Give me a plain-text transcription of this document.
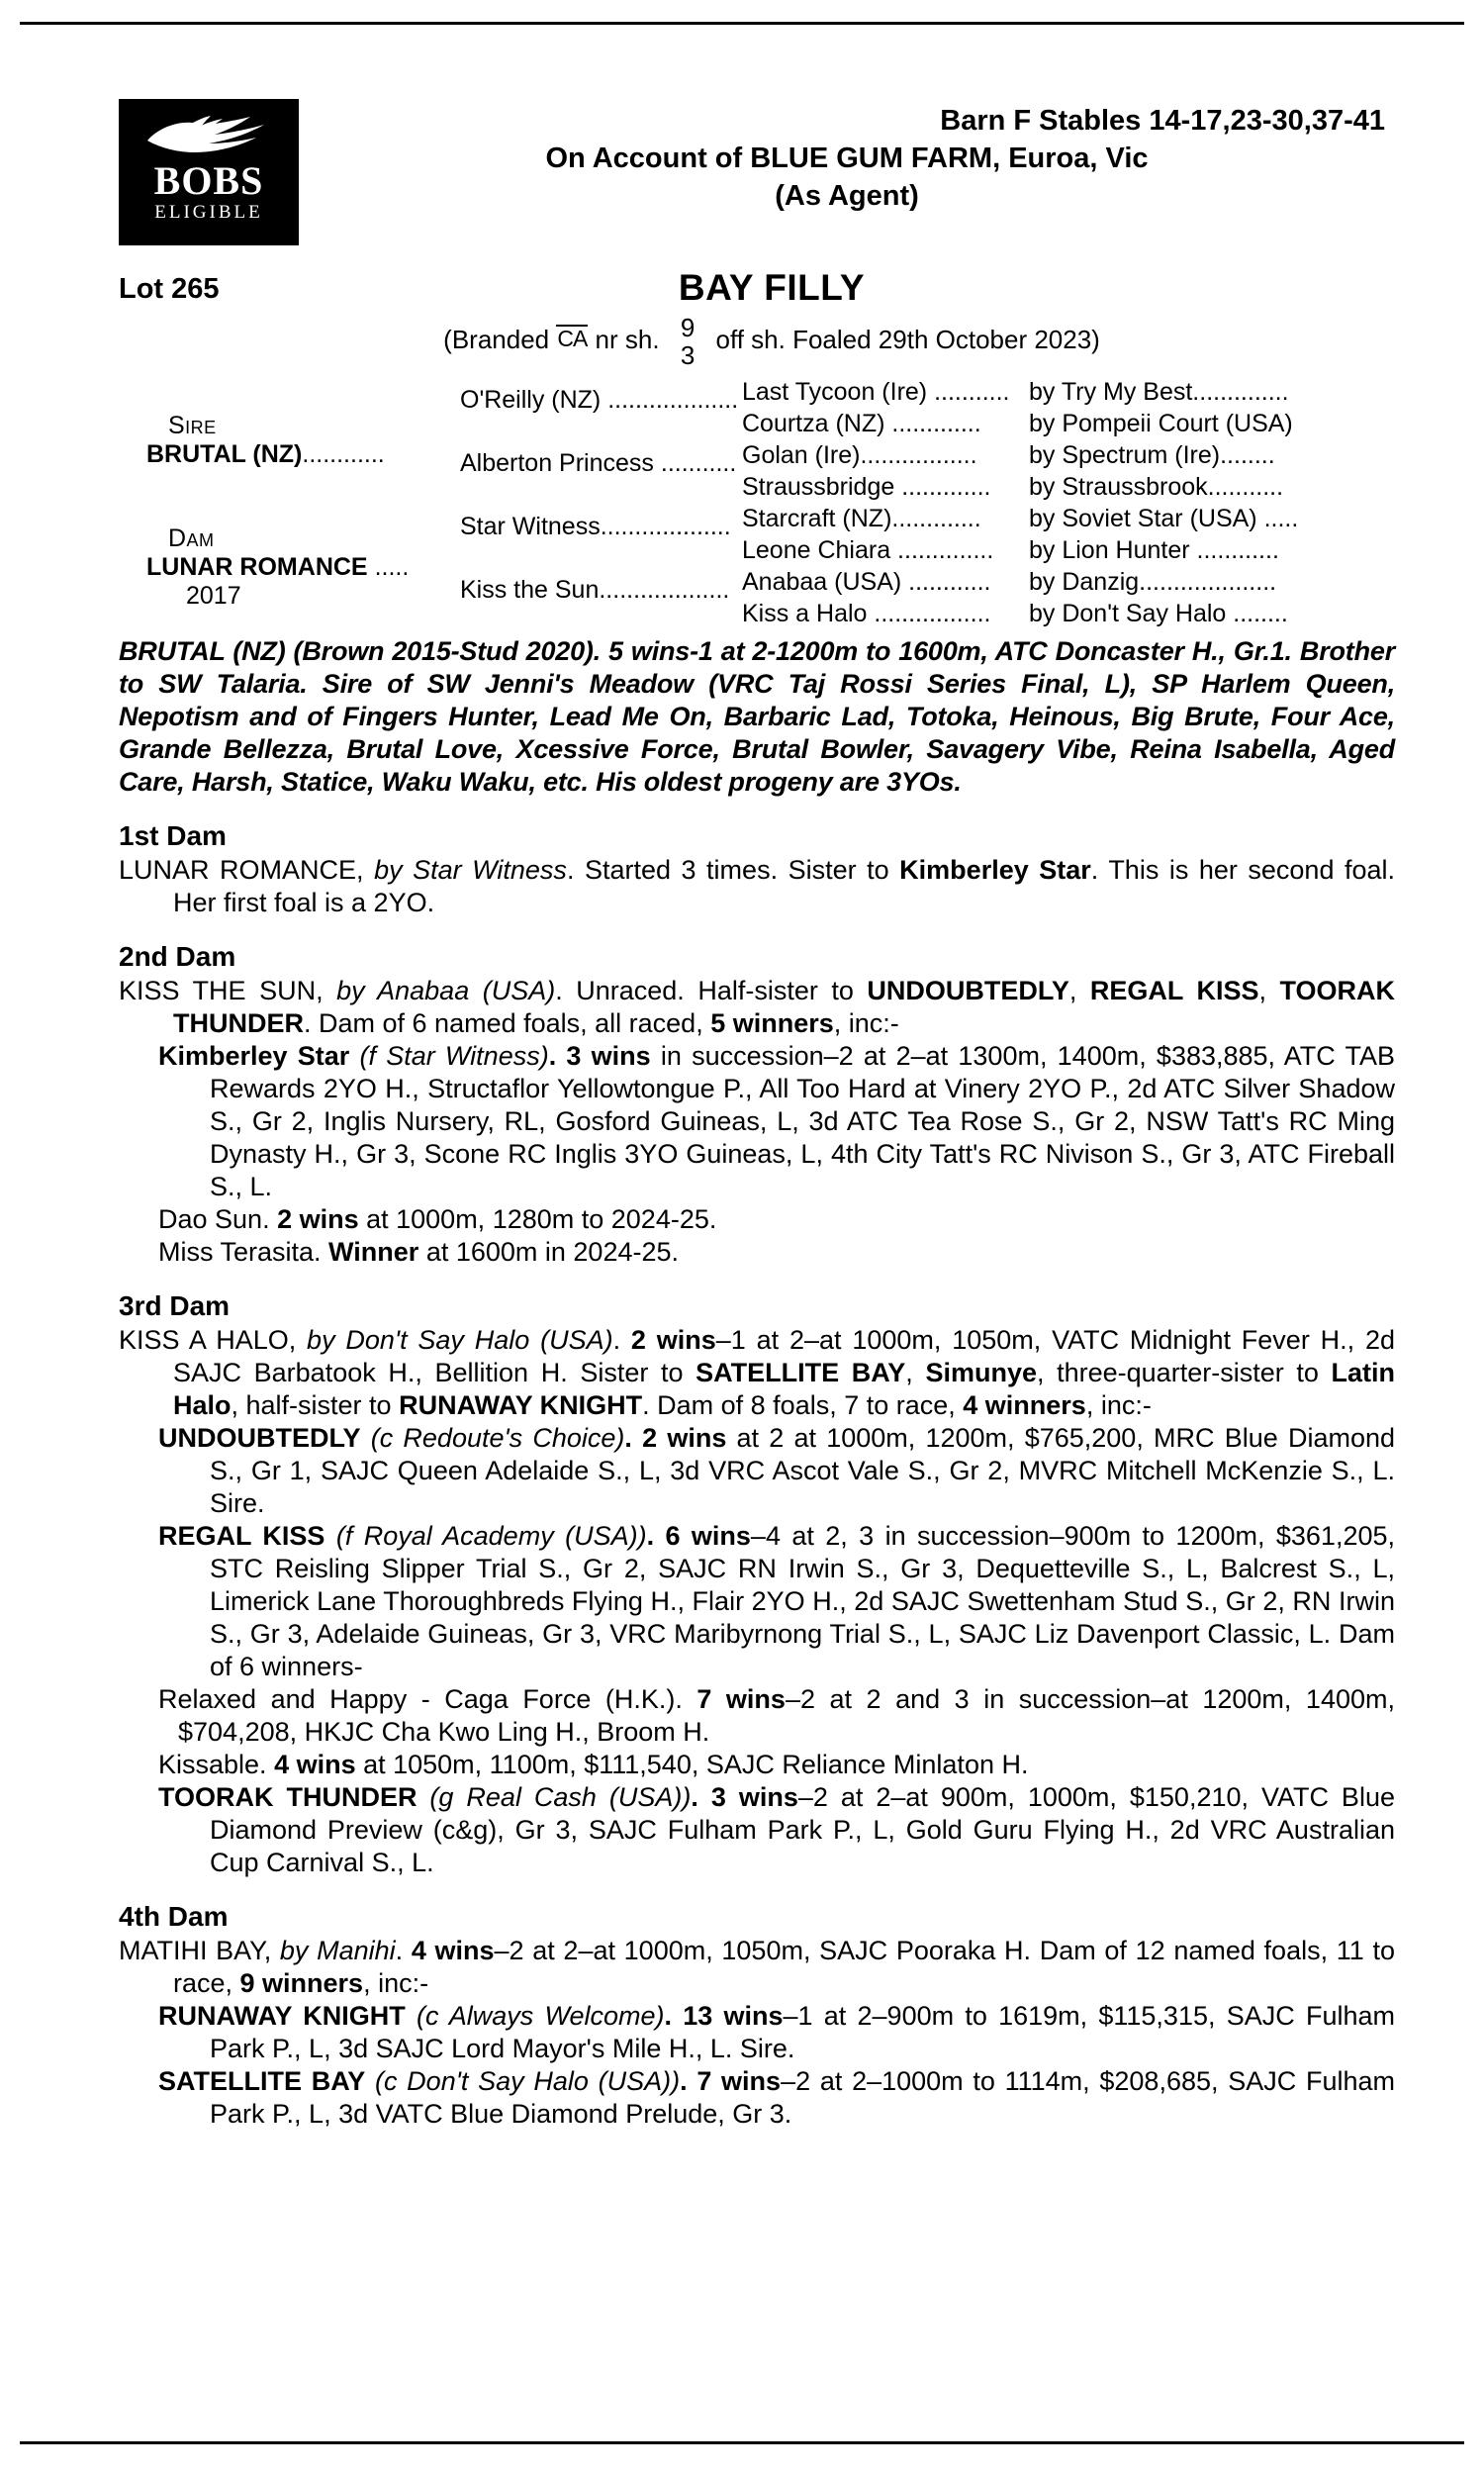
BOBS
ELIGIBLE
Barn F Stables 14-17,23-30,37-41
On Account of BLUE GUM FARM, Euroa, Vic
(As Agent)
Lot 265	BAY FILLY
(Branded CA nr sh. 9
3
off sh. Foaled 29th October 2023)
Sire
BRUTAL (NZ)............
Dam
LUNAR ROMANCE .....
2017
O'Reilly (NZ) ...................
Alberton Princess ...........
Star Witness...................
Kiss the Sun...................
Last Tycoon (Ire) ........... by Try My Best..............
Courtza (NZ) .............	by Pompeii Court (USA)
Golan (Ire).................	by Spectrum (Ire)........
Straussbridge .............	by Straussbrook...........
Starcraft (NZ).............	by Soviet Star (USA) .....
Leone Chiara ..............	by Lion Hunter ............
Anabaa (USA) ............	by Danzig....................
Kiss a Halo .................	by Don't Say Halo ........
BRUTAL (NZ) (Brown 2015-Stud 2020). 5 wins-1 at 2-1200m to 1600m, ATC Doncaster H., Gr.1. Brother to SW Talaria. Sire of SW Jenni's Meadow (VRC Taj Rossi Series Final, L), SP Harlem Queen, Nepotism and of Fingers Hunter, Lead Me On, Barbaric Lad, Totoka, Heinous, Big Brute, Four Ace, Grande Bellezza, Brutal Love, Xcessive Force, Brutal Bowler, Savagery Vibe, Reina Isabella, Aged Care, Harsh, Statice, Waku Waku, etc. His oldest progeny are 3YOs.
1st Dam
LUNAR ROMANCE, by Star Witness. Started 3 times. Sister to Kimberley Star. This is her second foal. Her first foal is a 2YO.
2nd Dam
KISS THE SUN, by Anabaa (USA). Unraced. Half-sister to UNDOUBTEDLY, REGAL KISS, TOORAK THUNDER. Dam of 6 named foals, all raced, 5 winners, inc:-
Kimberley Star (f Star Witness). 3 wins in succession–2 at 2–at 1300m, 1400m, $383,885, ATC TAB Rewards 2YO H., Structaflor Yellowtongue P., All Too Hard at Vinery 2YO P., 2d ATC Silver Shadow S., Gr 2, Inglis Nursery, RL, Gosford Guineas, L, 3d ATC Tea Rose S., Gr 2, NSW Tatt's RC Ming Dynasty H., Gr 3, Scone RC Inglis 3YO Guineas, L, 4th City Tatt's RC Nivison S., Gr 3, ATC Fireball S., L.
Dao Sun. 2 wins at 1000m, 1280m to 2024-25.
Miss Terasita. Winner at 1600m in 2024-25.
3rd Dam
KISS A HALO, by Don't Say Halo (USA). 2 wins–1 at 2–at 1000m, 1050m, VATC Midnight Fever H., 2d SAJC Barbatook H., Bellition H. Sister to SATELLITE BAY, Simunye, three-quarter-sister to Latin Halo, half-sister to RUNAWAY KNIGHT. Dam of 8 foals, 7 to race, 4 winners, inc:-
UNDOUBTEDLY (c Redoute's Choice). 2 wins at 2 at 1000m, 1200m, $765,200, MRC Blue Diamond S., Gr 1, SAJC Queen Adelaide S., L, 3d VRC Ascot Vale S., Gr 2, MVRC Mitchell McKenzie S., L. Sire.
REGAL KISS (f Royal Academy (USA)). 6 wins–4 at 2, 3 in succession–900m to 1200m, $361,205, STC Reisling Slipper Trial S., Gr 2, SAJC RN Irwin S., Gr 3, Dequetteville S., L, Balcrest S., L, Limerick Lane Thoroughbreds Flying H., Flair 2YO H., 2d SAJC Swettenham Stud S., Gr 2, RN Irwin S., Gr 3, Adelaide Guineas, Gr 3, VRC Maribyrnong Trial S., L, SAJC Liz Davenport Classic, L. Dam of 6 winners-
Relaxed and Happy - Caga Force (H.K.). 7 wins–2 at 2 and 3 in succession–at 1200m, 1400m, $704,208, HKJC Cha Kwo Ling H., Broom H.
Kissable. 4 wins at 1050m, 1100m, $111,540, SAJC Reliance Minlaton H.
TOORAK THUNDER (g Real Cash (USA)). 3 wins–2 at 2–at 900m, 1000m, $150,210, VATC Blue Diamond Preview (c&g), Gr 3, SAJC Fulham Park P., L, Gold Guru Flying H., 2d VRC Australian Cup Carnival S., L.
4th Dam
MATIHI BAY, by Manihi. 4 wins–2 at 2–at 1000m, 1050m, SAJC Pooraka H. Dam of 12 named foals, 11 to race, 9 winners, inc:-
RUNAWAY KNIGHT (c Always Welcome). 13 wins–1 at 2–900m to 1619m, $115,315, SAJC Fulham Park P., L, 3d SAJC Lord Mayor's Mile H., L. Sire.
SATELLITE BAY (c Don't Say Halo (USA)). 7 wins–2 at 2–1000m to 1114m, $208,685, SAJC Fulham Park P., L, 3d VATC Blue Diamond Prelude, Gr 3.
